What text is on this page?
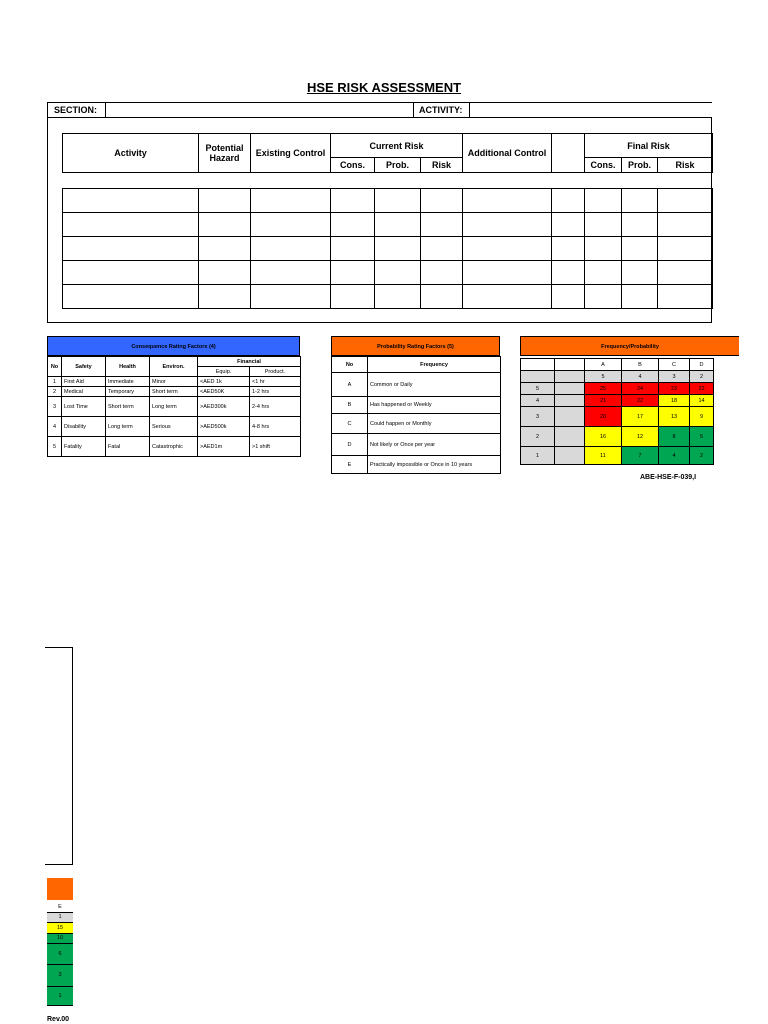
HSE RISK ASSESSMENT
SECTION:	ACTIVITY:
Activity	Potential Hazard	Existing Control	Current Risk			Additional Control		Final Risk		
			Cons.	Prob.	Risk			Cons.	Prob.	Risk

Consequence Rating Factors (4)
No	Safety	Health	Environ.	Financial	
				Equip.	Product.
1	First Aid	Immediate	Minor	<AED 1k	<1 hr
2	Medical	Temporary	Short term	<AED50K	1-2 hrs
3	Lost Time	Short term	Long term	>AED300k	2-4 hrs
4	Disability	Long term	Serious	>AED500k	4-8 hrs
5	Fatality	Fatal	Catastrophic	>AED1m	>1 shift
Probability Rating Factors (5)
No	Frequency
A	Common or Daily
B	Has happened or Weekly
C	Could happen or Monthly
D	Not likely or Once per year
E	Practically impossible or Once in 10 years
Frequency/Probability
		A	B	C	D
		5	4	3	2
5		25	24	23	22
4		21	22	18	14
3		20	17	13	9
2		16	12	8	5
1		11	7	4	2
ABE-HSE-F-039,I
E
1
15
10
6
3
1
Rev.00
